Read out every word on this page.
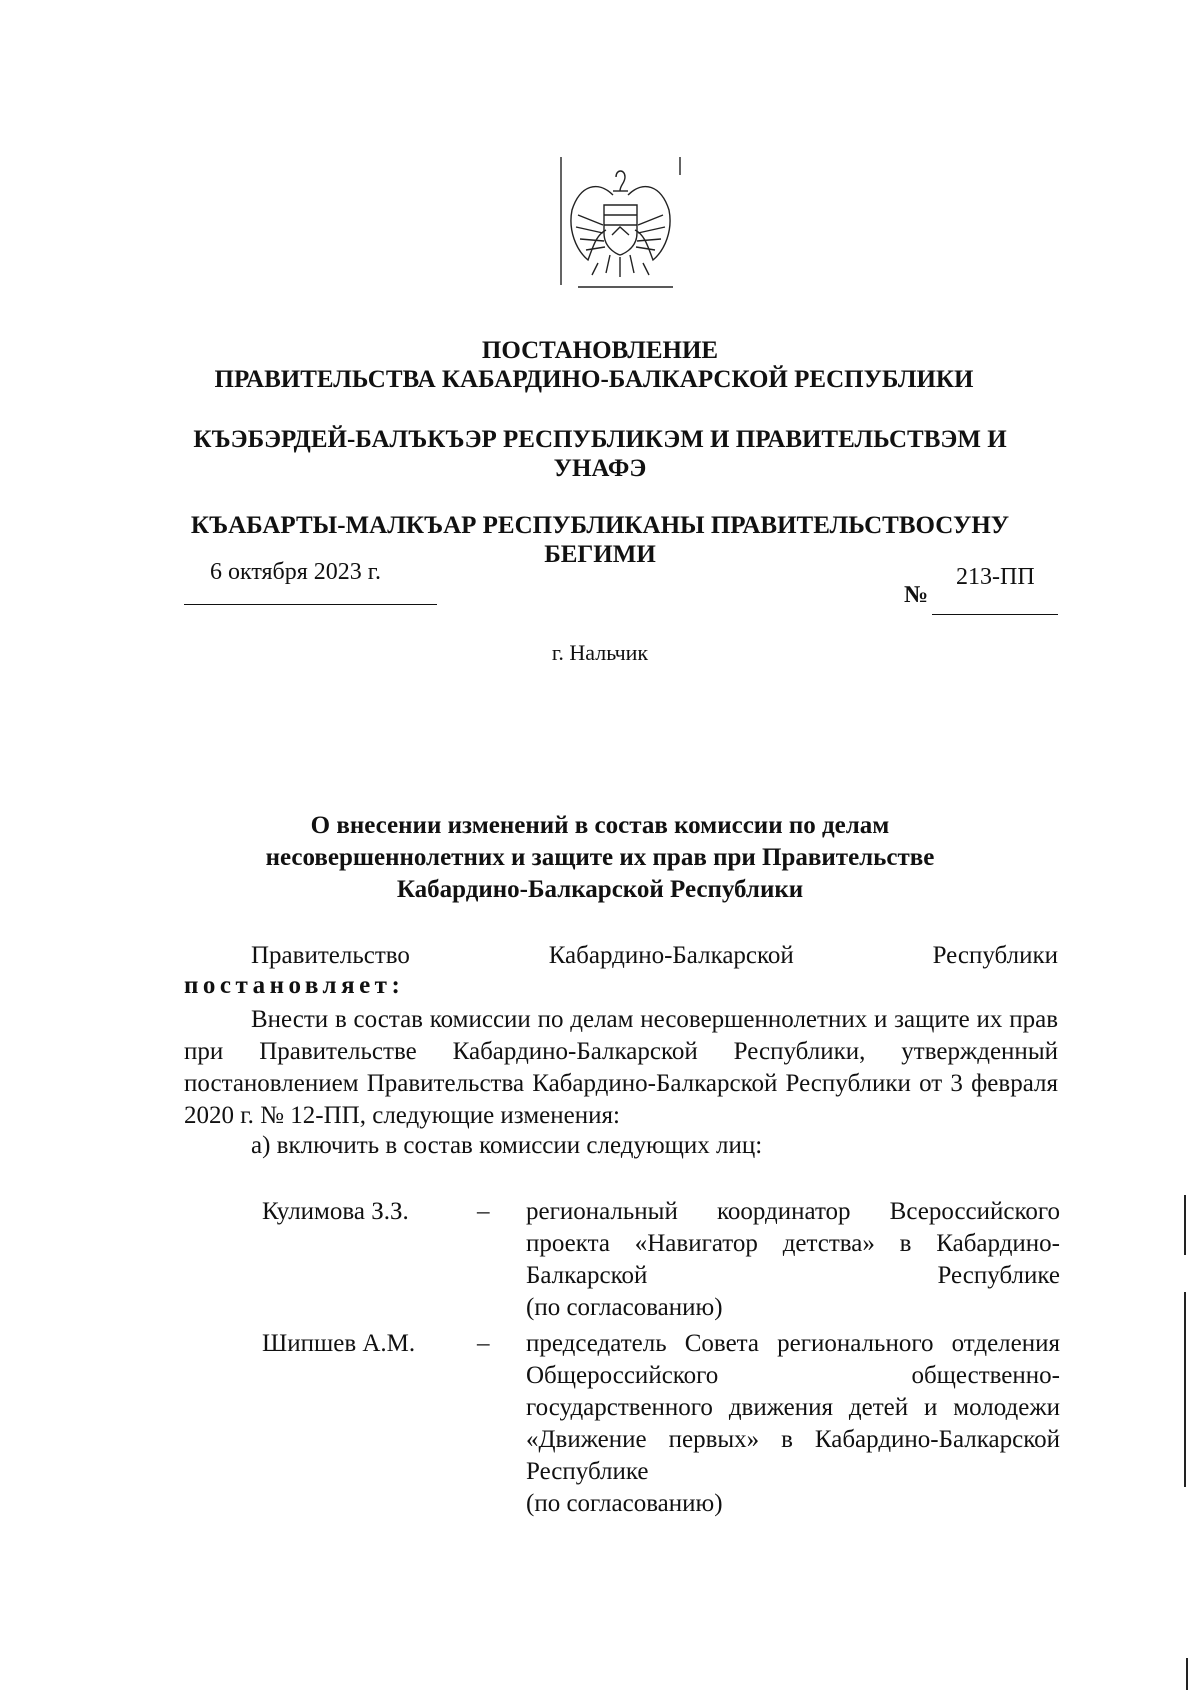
ПОСТАНОВЛЕНИЕ
ПРАВИТЕЛЬСТВА КАБАРДИНО-БАЛКАРСКОЙ РЕСПУБЛИКИ
КЪЭБЭРДЕЙ-БАЛЪКЪЭР РЕСПУБЛИКЭМ И ПРАВИТЕЛЬСТВЭМ И
УНАФЭ
КЪАБАРТЫ-МАЛКЪАР РЕСПУБЛИКАНЫ ПРАВИТЕЛЬСТВОСУНУ
БЕГИМИ
6 октября 2023 г.
№
213-ПП
г. Нальчик
О внесении изменений в состав комиссии по делам
несовершеннолетних и защите их прав при Правительстве
Кабардино-Балкарской Республики
Правительство	Кабардино-Балкарской	Республики
постановляет:
Внести в состав комиссии по делам несовершеннолетних и защите их прав при Правительстве Кабардино-Балкарской Республики, утвержденный постановлением Правительства Кабардино-Балкарской Республики от 3 февраля 2020 г. № 12-ПП, следующие изменения:
а) включить в состав комиссии следующих лиц:
Кулимова З.З.	– региональный координатор Всероссийского проекта «Навигатор детства» в Кабардино-Балкарской Республике
(по согласованию)
Шипшев А.М. – председатель Совета регионального отделения Общероссийского общественно-государственного движения детей и молодежи «Движение первых» в Кабардино-Балкарской Республике
(по согласованию)
